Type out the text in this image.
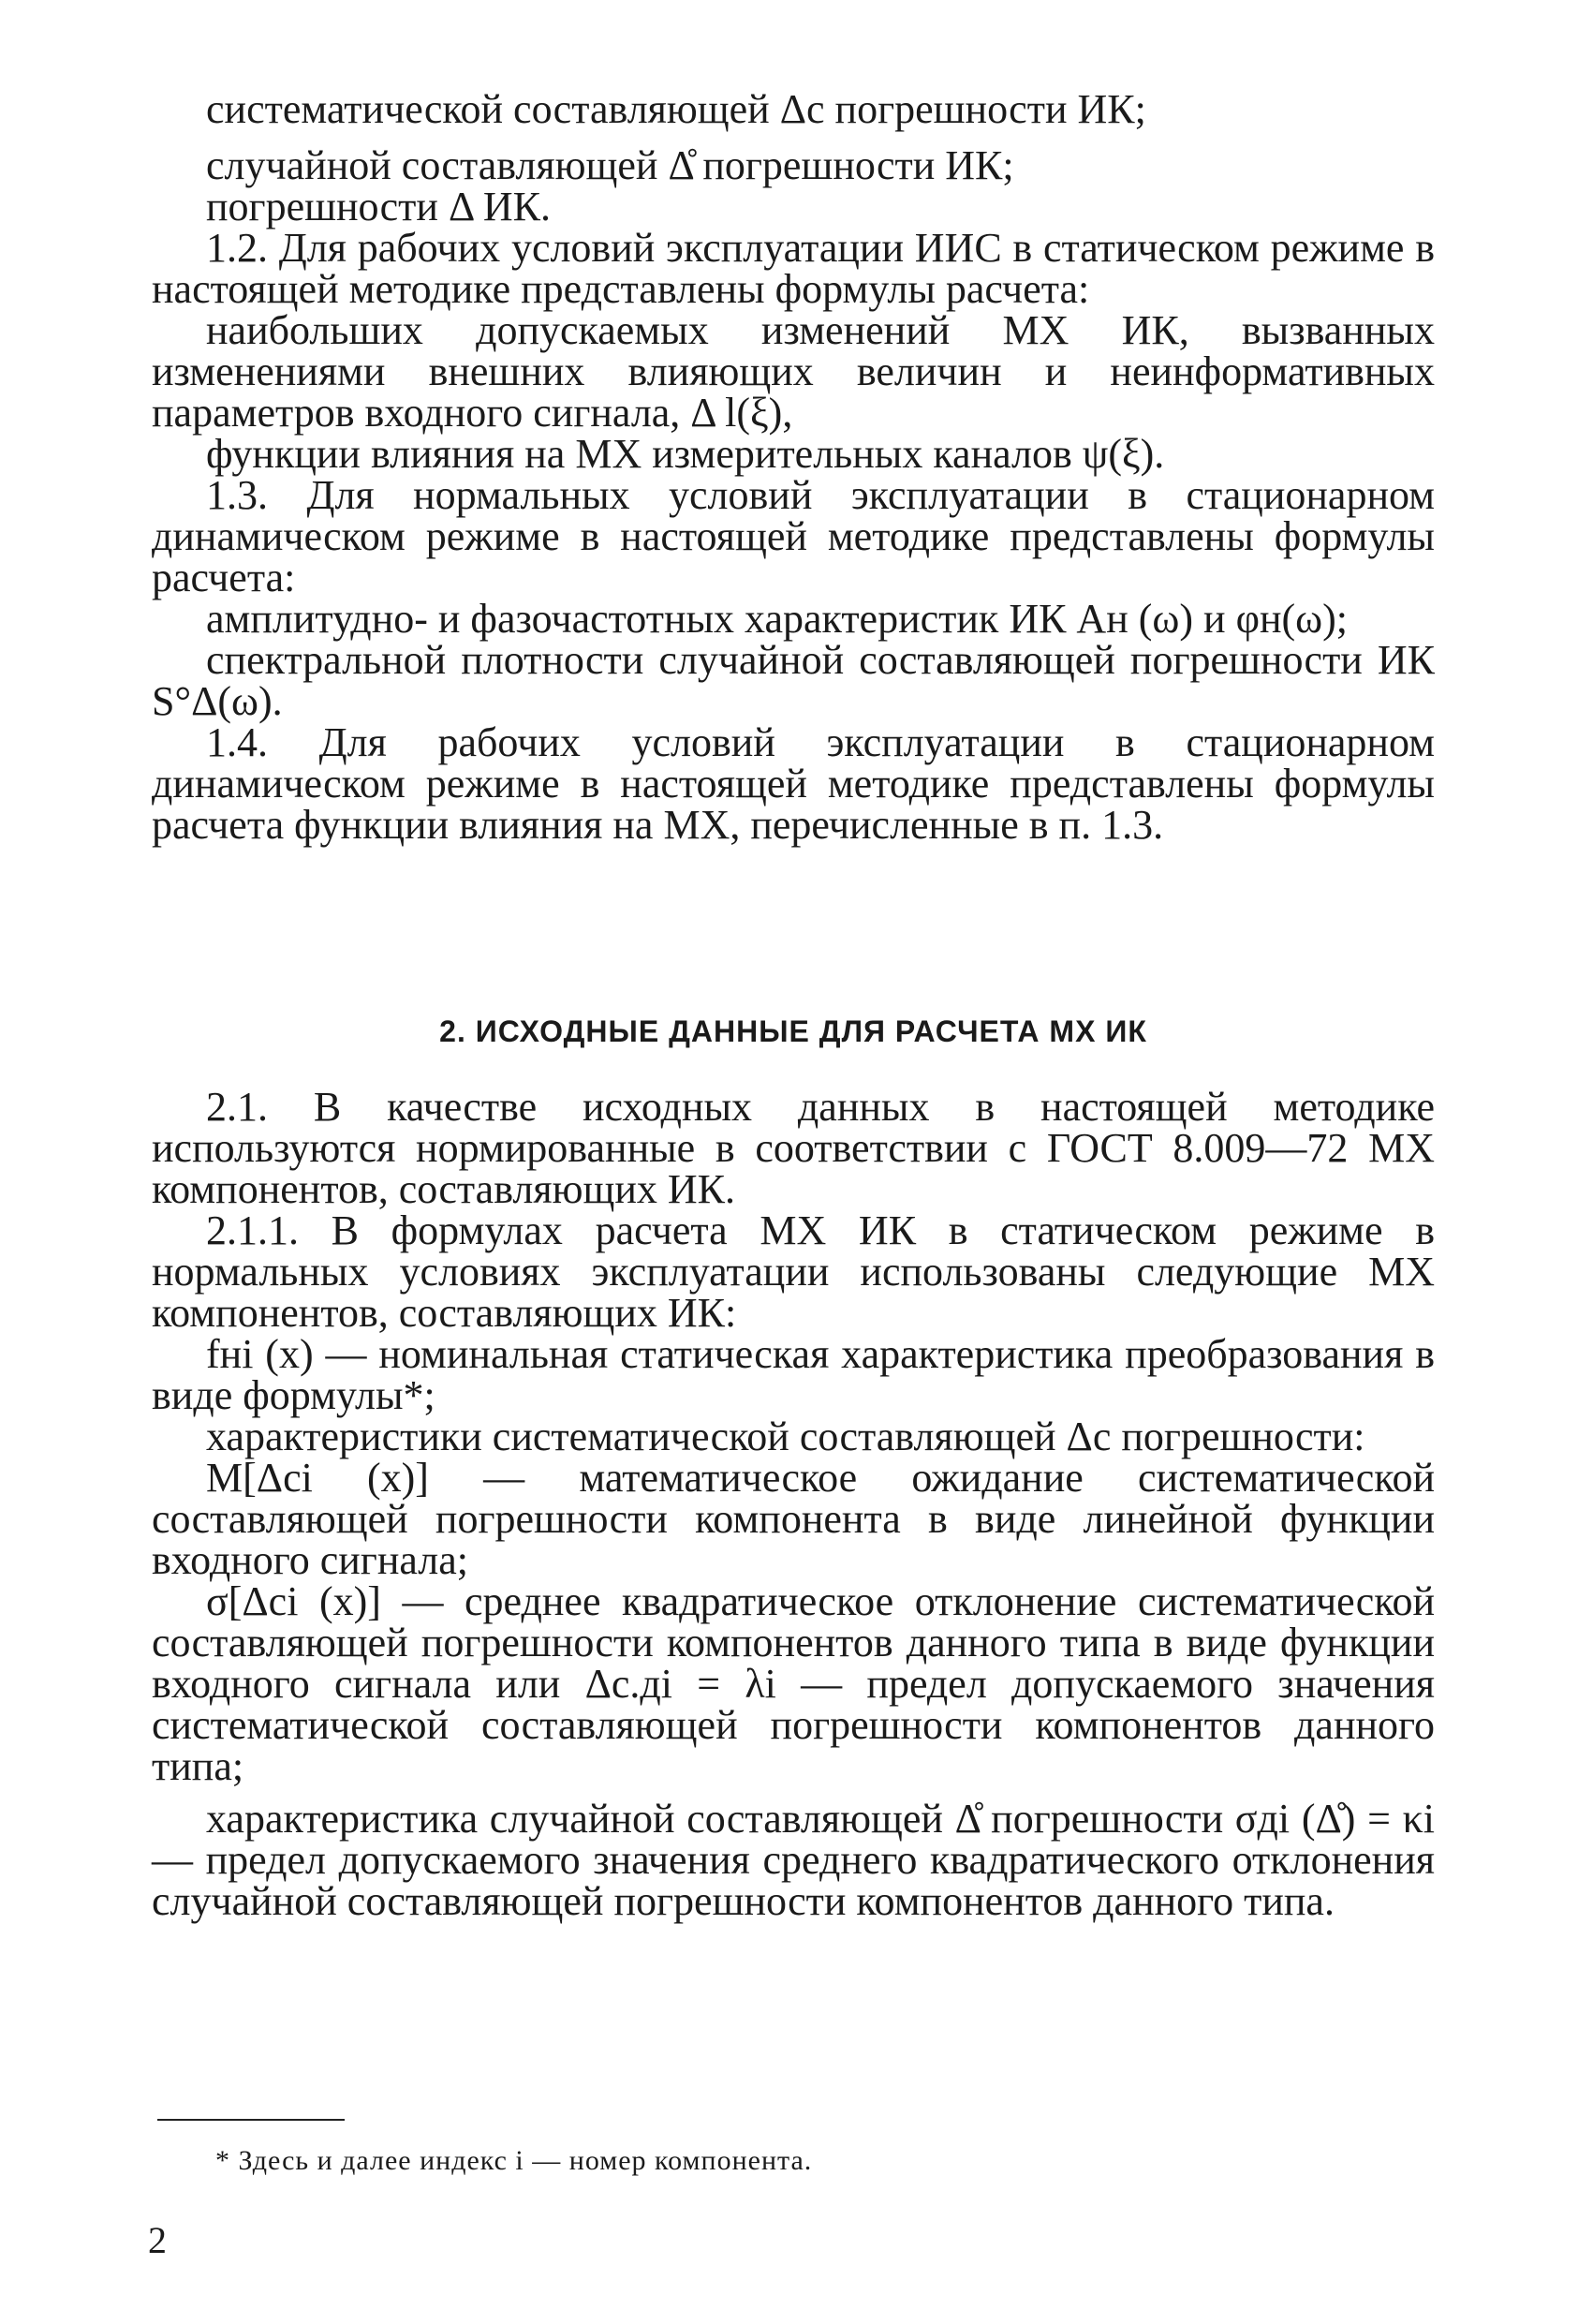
систематической составляющей Δс погрешности ИК;

случайной составляющей Δ̊ погрешности ИК;

погрешности Δ ИК.

1.2. Для рабочих условий эксплуатации ИИС в статическом режиме в настоящей методике представлены формулы расчета:

наибольших допускаемых изменений МХ ИК, вызванных изменениями внешних влияющих величин и неинформативных параметров входного сигнала, Δ l(ξ),

функции влияния на МХ измерительных каналов ψ(ξ).

1.3. Для нормальных условий эксплуатации в стационарном динамическом режиме в настоящей методике представлены формулы расчета:

амплитудно- и фазочастотных характеристик ИК Aн (ω) и φн(ω);

спектральной плотности случайной составляющей погрешности ИК S°Δ(ω).

1.4. Для рабочих условий эксплуатации в стационарном динамическом режиме в настоящей методике представлены формулы расчета функции влияния на МХ, перечисленные в п. 1.3.

2. ИСХОДНЫЕ ДАННЫЕ ДЛЯ РАСЧЕТА МХ ИК

2.1. В качестве исходных данных в настоящей методике используются нормированные в соответствии с ГОСТ 8.009—72 МХ компонентов, составляющих ИК.

2.1.1. В формулах расчета МХ ИК в статическом режиме в нормальных условиях эксплуатации использованы следующие МХ компонентов, составляющих ИК:

fнi (x) — номинальная статическая характеристика преобразования в виде формулы*;

характеристики систематической составляющей Δс погрешности:

M[Δci (x)] — математическое ожидание систематической составляющей погрешности компонента в виде линейной функции входного сигнала;

σ[Δci (x)] — среднее квадратическое отклонение систематической составляющей погрешности компонентов данного типа в виде функции входного сигнала или Δc.дi = λi — предел допускаемого значения систематической составляющей погрешности компонентов данного типа;

характеристика случайной составляющей Δ̊ погрешности σдi (Δ̊) = κi — предел допускаемого значения среднего квадратического отклонения случайной составляющей погрешности компонентов данного типа.

* Здесь и далее индекс i — номер компонента.
2
